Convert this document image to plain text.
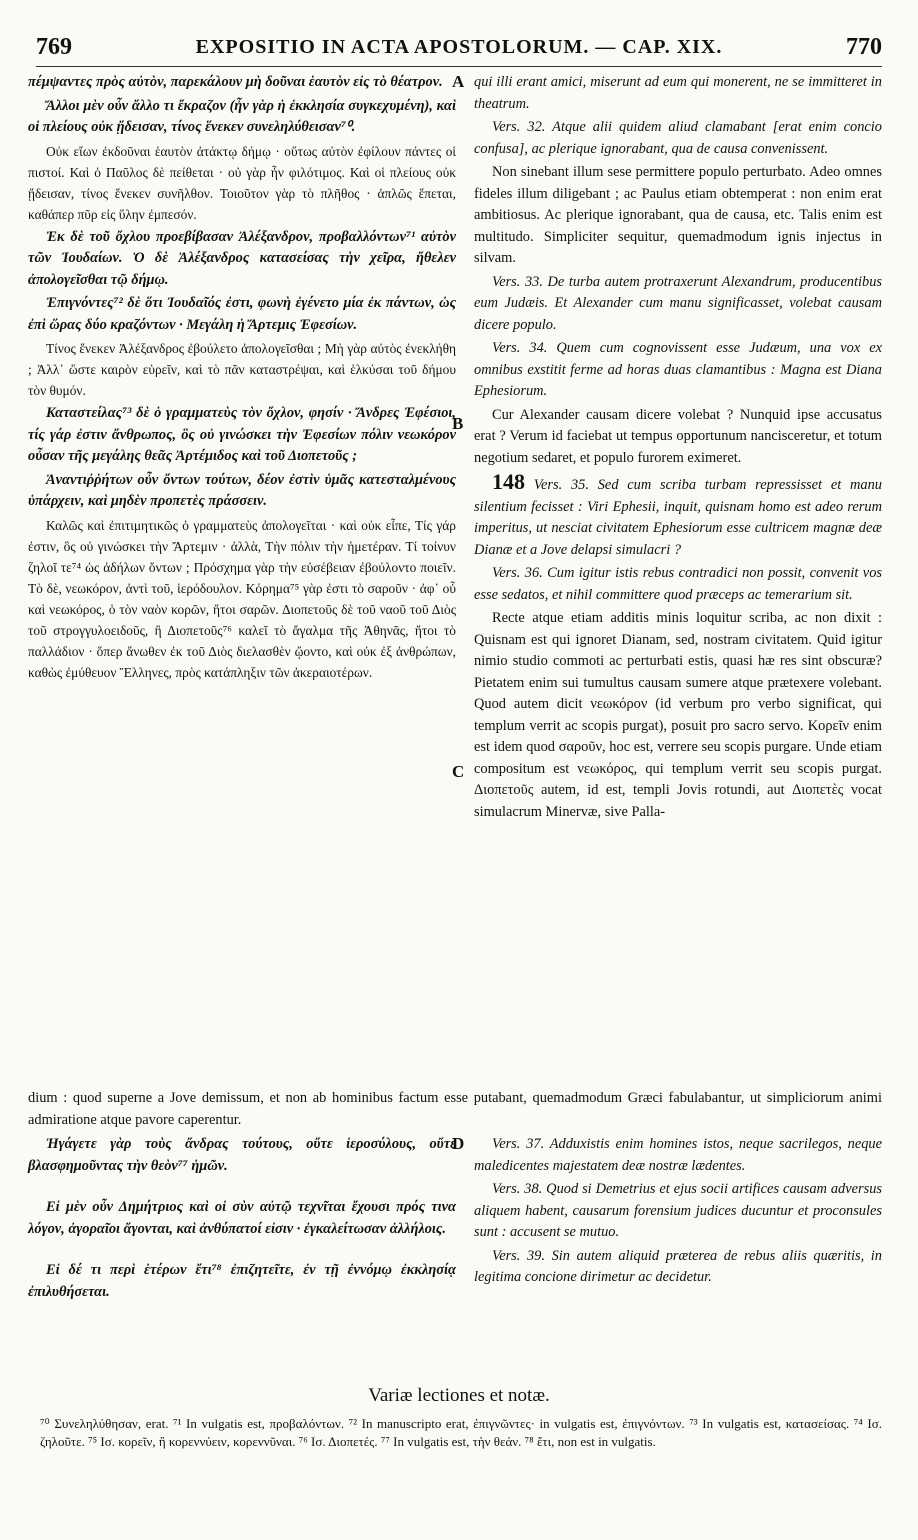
769	EXPOSITIO IN ACTA APOSTOLORUM. — CAP. XIX.	770
A
B
C
D

πέμψαντες πρὸς αὐτὸν, παρεκάλουν μὴ δοῦναι ἑαυτὸν εἰς τὸ θέατρον.

Ἄλλοι μὲν οὖν ἄλλο τι ἔκραζον (ἦν γὰρ ἡ ἐκκλησία συγκεχυμένη), καὶ οἱ πλείους οὐκ ᾔδεισαν, τίνος ἕνεκεν συνεληλύθεισαν⁷⁰.

Οὐκ εἴων ἐκδοῦναι ἑαυτὸν ἀτάκτῳ δήμῳ · οὕτως αὐτὸν ἐφίλουν πάντες οἱ πιστοί. Καὶ ὁ Παῦλος δὲ πείθεται · οὐ γὰρ ἦν φιλότιμος. Καὶ οἱ πλείους οὐκ ᾔδεισαν, τίνος ἕνεκεν συνῆλθον. Τοιοῦτον γὰρ τὸ πλῆθος · ἁπλῶς ἕπεται, καθάπερ πῦρ εἰς ὕλην ἐμπεσόν.

Ἐκ δὲ τοῦ ὄχλου προεβίβασαν Ἀλέξανδρον, προβαλλόντων⁷¹ αὐτὸν τῶν Ἰουδαίων. Ὁ δὲ Ἀλέξανδρος κατασείσας τὴν χεῖρα, ἤθελεν ἀπολογεῖσθαι τῷ δήμῳ.

Ἐπιγνόντες⁷² δὲ ὅτι Ἰουδαῖός ἐστι, φωνὴ ἐγένετο μία ἐκ πάντων, ὡς ἐπὶ ὥρας δύο κραζόντων · Μεγάλη ἡ Ἄρτεμις Ἐφεσίων.

Τίνος ἕνεκεν Ἀλέξανδρος ἐβούλετο ἀπολογεῖσθαι ; Μὴ γὰρ αὐτὸς ἐνεκλήθη ; Ἀλλ᾿ ὥστε καιρὸν εὑρεῖν, καὶ τὸ πᾶν καταστρέψαι, καὶ ἑλκύσαι τοῦ δήμου τὸν θυμόν.

Καταστείλας⁷³ δὲ ὁ γραμματεὺς τὸν ὄχλον, φησίν · Ἄνδρες Ἐφέσιοι, τίς γάρ ἐστιν ἄνθρωπος, ὃς οὐ γινώσκει τὴν Ἐφεσίων πόλιν νεωκόρον οὖσαν τῆς μεγάλης θεᾶς Ἀρτέμιδος καὶ τοῦ Διοπετοῦς ;

Ἀναντιῤῥήτων οὖν ὄντων τούτων, δέον ἐστὶν ὑμᾶς κατεσταλμένους ὑπάρχειν, καὶ μηδὲν προπετὲς πράσσειν.

Καλῶς καὶ ἐπιτιμητικῶς ὁ γραμματεὺς ἀπολογεῖται · καὶ οὐκ εἶπε, Τίς γάρ ἐστιν, ὃς οὐ γινώσκει τὴν Ἄρτεμιν · ἀλλὰ, Τὴν πόλιν τὴν ἡμετέραν. Τί τοίνυν ζηλοῖ τε⁷⁴ ὡς ἀδήλων ὄντων ; Πρόσχημα γὰρ τὴν εὐσέβειαν ἐβούλοντο ποιεῖν. Τὸ δὲ, νεωκόρον, ἀντὶ τοῦ, ἱερόδουλον. Κόρημα⁷⁵ γὰρ ἐστι τὸ σαροῦν · ἀφ᾿ οὗ καὶ νεωκόρος, ὁ τὸν ναὸν κορῶν, ἤτοι σαρῶν. Διοπετοῦς δὲ τοῦ ναοῦ τοῦ Διὸς τοῦ στρογγυλοειδοῦς, ἢ Διοπετοῦς⁷⁶ καλεῖ τὸ ἄγαλμα τῆς Ἀθηνᾶς, ἤτοι τὸ παλλάδιον · ὅπερ ἄνωθεν ἐκ τοῦ Διὸς διελασθὲν ᾤοντο, καὶ οὐκ ἐξ ἀνθρώπων, καθὼς ἐμύθευον Ἕλληνες, πρὸς κατάπληξιν τῶν ἀκεραιοτέρων.

qui illi erant amici, miserunt ad eum qui monerent, ne se immitteret in theatrum.

Vers. 32. Atque alii quidem aliud clamabant [erat enim concio confusa], ac plerique ignorabant, qua de causa convenissent.

Non sinebant illum sese permittere populo perturbato. Adeo omnes fideles illum diligebant ; ac Paulus etiam obtemperat : non enim erat ambitiosus. Ac plerique ignorabant, qua de causa, etc. Talis enim est multitudo. Simpliciter sequitur, quemadmodum ignis injectus in silvam.

Vers. 33. De turba autem protraxerunt Alexandrum, producentibus eum Judæis. Et Alexander cum manu significasset, volebat causam dicere populo.

Vers. 34. Quem cum cognovissent esse Judæum, una vox ex omnibus exstitit ferme ad horas duas clamantibus : Magna est Diana Ephesiorum.

Cur Alexander causam dicere volebat ? Nunquid ipse accusatus erat ? Verum id faciebat ut tempus opportunum nancisceretur, et totum negotium sedaret, et populo furorem eximeret.

148 Vers. 35. Sed cum scriba turbam repressisset et manu silentium fecisset : Viri Ephesii, inquit, quisnam homo est adeo rerum imperitus, ut nesciat civitatem Ephesiorum esse cultricem magnæ deæ Dianæ et a Jove delapsi simulacri ?

Vers. 36. Cum igitur istis rebus contradici non possit, convenit vos esse sedatos, et nihil committere quod præceps ac temerarium sit.

Recte atque etiam additis minis loquitur scriba, ac non dixit : Quisnam est qui ignoret Dianam, sed, nostram civitatem. Quid igitur nimio studio commoti ac perturbati estis, quasi hæ res sint obscuræ? Pietatem enim sui tumultus causam sumere atque prætexere volebant. Quod autem dicit νεωκόρον (id verbum pro verbo significat, qui templum verrit ac scopis purgat), posuit pro sacro servo. Κορεῖν enim est idem quod σαροῦν, hoc est, verrere seu scopis purgare. Unde etiam compositum est νεωκόρος, qui templum verrit seu scopis purgat. Διοπετοῦς autem, id est, templi Jovis rotundi, aut Διοπετὲς vocat simulacrum Minervæ, sive Palla-

dium : quod superne a Jove demissum, et non ab hominibus factum esse putabant, quemadmodum Græci fabulabantur, ut simpliciorum animi admiratione atque pavore caperentur.

Ἠγάγετε γὰρ τοὺς ἄνδρας τούτους, οὔτε ἱεροσύλους, οὔτε βλασφημοῦντας τὴν θεὸν⁷⁷ ἡμῶν.

Εἰ μὲν οὖν Δημήτριος καὶ οἱ σὺν αὐτῷ τεχνῖται ἔχουσι πρός τινα λόγον, ἀγοραῖοι ἄγονται, καὶ ἀνθύπατοί εἰσιν · ἐγκαλείτωσαν ἀλλήλοις.

Εἰ δέ τι περὶ ἑτέρων ἔτι⁷⁸ ἐπιζητεῖτε, ἐν τῇ ἐννόμῳ ἐκκλησίᾳ ἐπιλυθήσεται.

Vers. 37. Adduxistis enim homines istos, neque sacrilegos, neque maledicentes majestatem deæ nostræ lædentes.

Vers. 38. Quod si Demetrius et ejus socii artifices causam adversus aliquem habent, causarum forensium judices ducuntur et proconsules sunt : accusent se mutuo.

Vers. 39. Sin autem aliquid præterea de rebus aliis quæritis, in legitima concione dirimetur ac decidetur.

Variæ lectiones et notæ.
⁷⁰ Συνεληλύθησαν, erat. ⁷¹ In vulgatis est, προβαλόντων. ⁷² In manuscripto erat, ἐπιγνῶντες· in vulgatis est, ἐπιγνόντων. ⁷³ In vulgatis est, κατασείσας. ⁷⁴ Ισ. ζηλοῦτε. ⁷⁵ Ισ. κορεῖν, ἢ κορεννύειν, κορεννῦναι. ⁷⁶ Ισ. Διοπετές. ⁷⁷ In vulgatis est, τὴν θεάν. ⁷⁸ ἔτι, non est in vulgatis.
